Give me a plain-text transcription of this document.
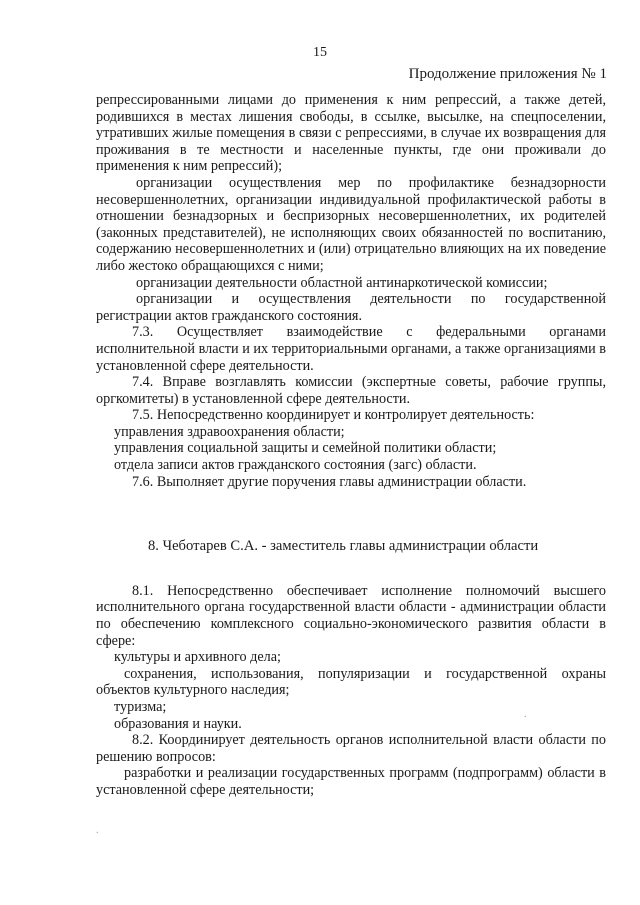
15
Продолжение приложения № 1

репрессированными лицами до применения к ним репрессий, а также детей, родившихся в местах лишения свободы, в ссылке, высылке, на спецпоселении, утративших жилые помещения в связи с репрессиями, в случае их возвращения для проживания в те местности и населенные пункты, где они проживали до применения к ним репрессий);

организации осуществления мер по профилактике безнадзорности несовершеннолетних, организации индивидуальной профилактической работы в отношении безнадзорных и беспризорных несовершеннолетних, их родителей (законных представителей), не исполняющих своих обязанностей по воспитанию, содержанию несовершеннолетних и (или) отрицательно влияющих на их поведение либо жестоко обращающихся с ними;

организации деятельности областной антинаркотической комиссии;

организации и осуществления деятельности по государственной регистрации актов гражданского состояния.

7.3. Осуществляет взаимодействие с федеральными органами исполнительной власти и их территориальными органами, а также организациями в установленной сфере деятельности.

7.4. Вправе возглавлять комиссии (экспертные советы, рабочие группы, оргкомитеты) в установленной сфере деятельности.

7.5. Непосредственно координирует и контролирует деятельность:

управления здравоохранения области;

управления социальной защиты и семейной политики области;

отдела записи актов гражданского состояния (загс) области.

7.6. Выполняет другие поручения главы администрации области.

8. Чеботарев С.А. - заместитель главы администрации области

8.1. Непосредственно обеспечивает исполнение полномочий высшего исполнительного органа государственной власти области - администрации области по обеспечению комплексного социально-экономического развития области в сфере:

культуры и архивного дела;

сохранения, использования, популяризации и государственной охраны объектов культурного наследия;

туризма;

образования и науки.

8.2. Координирует деятельность органов исполнительной власти области по решению вопросов:

разработки и реализации государственных программ (подпрограмм) области в установленной сфере деятельности;

.
.
